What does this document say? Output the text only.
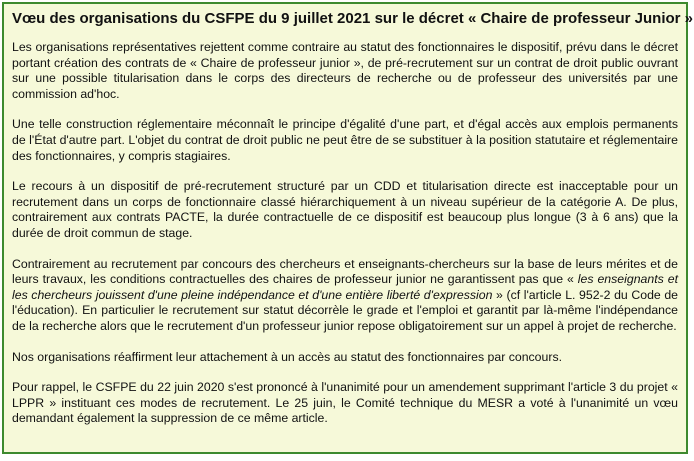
Vœu des organisations du CSFPE du 9 juillet 2021 sur le décret « Chaire de professeur Junior »

Les organisations représentatives rejettent comme contraire au statut des fonctionnaires le dispositif, prévu dans le décret portant création des contrats de « Chaire de professeur junior », de pré-recrutement sur un contrat de droit public ouvrant sur une possible titularisation dans le corps des directeurs de recherche ou de professeur des universités par une commission ad'hoc.

Une telle construction réglementaire méconnaît le principe d'égalité d'une part, et d'égal accès aux emplois permanents de l'État d'autre part. L'objet du contrat de droit public ne peut être de se substituer à la position statutaire et réglementaire des fonctionnaires, y compris stagiaires.

Le recours à un dispositif de pré-recrutement structuré par un CDD et titularisation directe est inacceptable pour un recrutement dans un corps de fonctionnaire classé hiérarchiquement à un niveau supérieur de la catégorie A. De plus, contrairement aux contrats PACTE, la durée contractuelle de ce dispositif est beaucoup plus longue (3 à 6 ans) que la durée de droit commun de stage.

Contrairement au recrutement par concours des chercheurs et enseignants-chercheurs sur la base de leurs mérites et de leurs travaux, les conditions contractuelles des chaires de professeur junior ne garantissent pas que « les enseignants et les chercheurs jouissent d'une pleine indépendance et d'une entière liberté d'expression » (cf l'article L. 952-2 du Code de l'éducation). En particulier le recrutement sur statut décorrèle le grade et l'emploi et garantit par là-même l'indépendance de la recherche alors que le recrutement d'un professeur junior repose obligatoirement sur un appel à projet de recherche.

Nos organisations réaffirment leur attachement à un accès au statut des fonctionnaires par concours.

Pour rappel, le CSFPE du 22 juin 2020 s'est prononcé à l'unanimité pour un amendement supprimant l'article 3 du projet « LPPR » instituant ces modes de recrutement. Le 25 juin, le Comité technique du MESR a voté à l'unanimité un vœu demandant également la suppression de ce même article.
